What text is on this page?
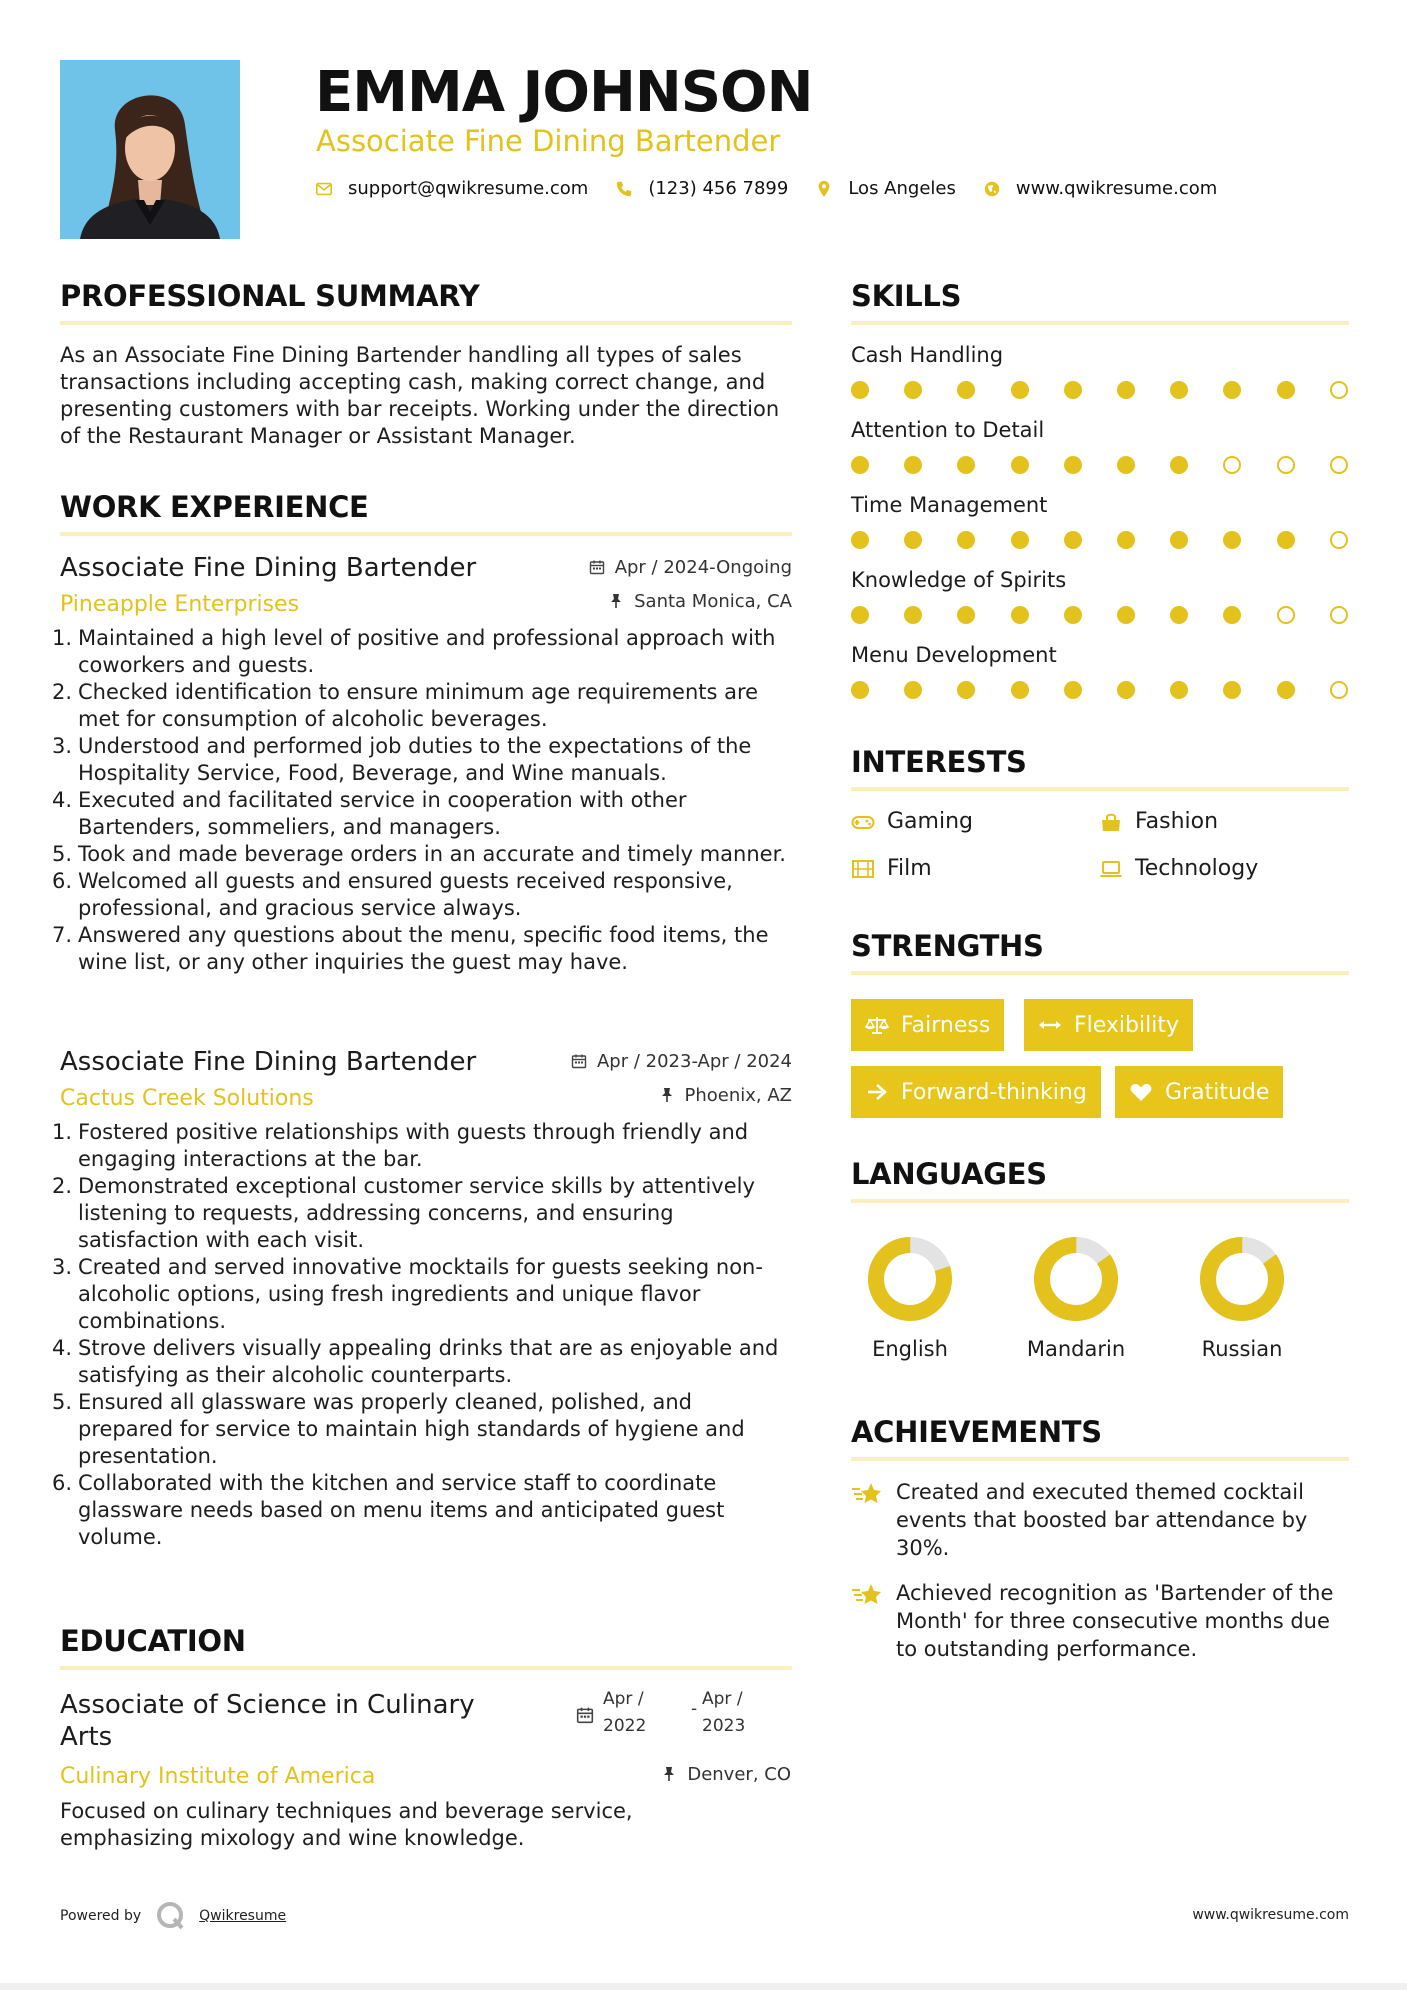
EMMA JOHNSON
Associate Fine Dining Bartender
support@qwikresume.com	(123) 456 7899	Los Angeles	www.qwikresume.com
PROFESSIONAL SUMMARY
As an Associate Fine Dining Bartender handling all types of sales transactions including accepting cash, making correct change, and presenting customers with bar receipts. Working under the direction of the Restaurant Manager or Assistant Manager.
WORK EXPERIENCE
Associate Fine Dining Bartender
Pineapple Enterprises
Apr / 2024-Ongoing
Santa Monica, CA
1. Maintained a high level of positive and professional approach with coworkers and guests.
2. Checked identification to ensure minimum age requirements are met for consumption of alcoholic beverages.
3. Understood and performed job duties to the expectations of the Hospitality Service, Food, Beverage, and Wine manuals.
4. Executed and facilitated service in cooperation with other Bartenders, sommeliers, and managers.
5. Took and made beverage orders in an accurate and timely manner.
6. Welcomed all guests and ensured guests received responsive, professional, and gracious service always.
7. Answered any questions about the menu, specific food items, the wine list, or any other inquiries the guest may have.
Associate Fine Dining Bartender
Cactus Creek Solutions
Apr / 2023-Apr / 2024
Phoenix, AZ
1. Fostered positive relationships with guests through friendly and engaging interactions at the bar.
2. Demonstrated exceptional customer service skills by attentively listening to requests, addressing concerns, and ensuring satisfaction with each visit.
3. Created and served innovative mocktails for guests seeking non-alcoholic options, using fresh ingredients and unique flavor combinations.
4. Strove delivers visually appealing drinks that are as enjoyable and satisfying as their alcoholic counterparts.
5. Ensured all glassware was properly cleaned, polished, and prepared for service to maintain high standards of hygiene and presentation.
6. Collaborated with the kitchen and service staff to coordinate glassware needs based on menu items and anticipated guest volume.
EDUCATION
Associate of Science in Culinary Arts
Apr /
2022
- Apr /
2023
Culinary Institute of America	Denver, CO
Focused on culinary techniques and beverage service, emphasizing mixology and wine knowledge.
SKILLS
Cash Handling
Attention to Detail
Time Management
Knowledge of Spirits
Menu Development
INTERESTS
Gaming	Fashion
Film	Technology
STRENGTHS
Fairness	Flexibility
Forward-thinking	Gratitude
LANGUAGES
English	Mandarin	Russian
ACHIEVEMENTS
Created and executed themed cocktail events that boosted bar attendance by 30%.
Achieved recognition as 'Bartender of the Month' for three consecutive months due to outstanding performance.
Powered by	Qwikresume	www.qwikresume.com
